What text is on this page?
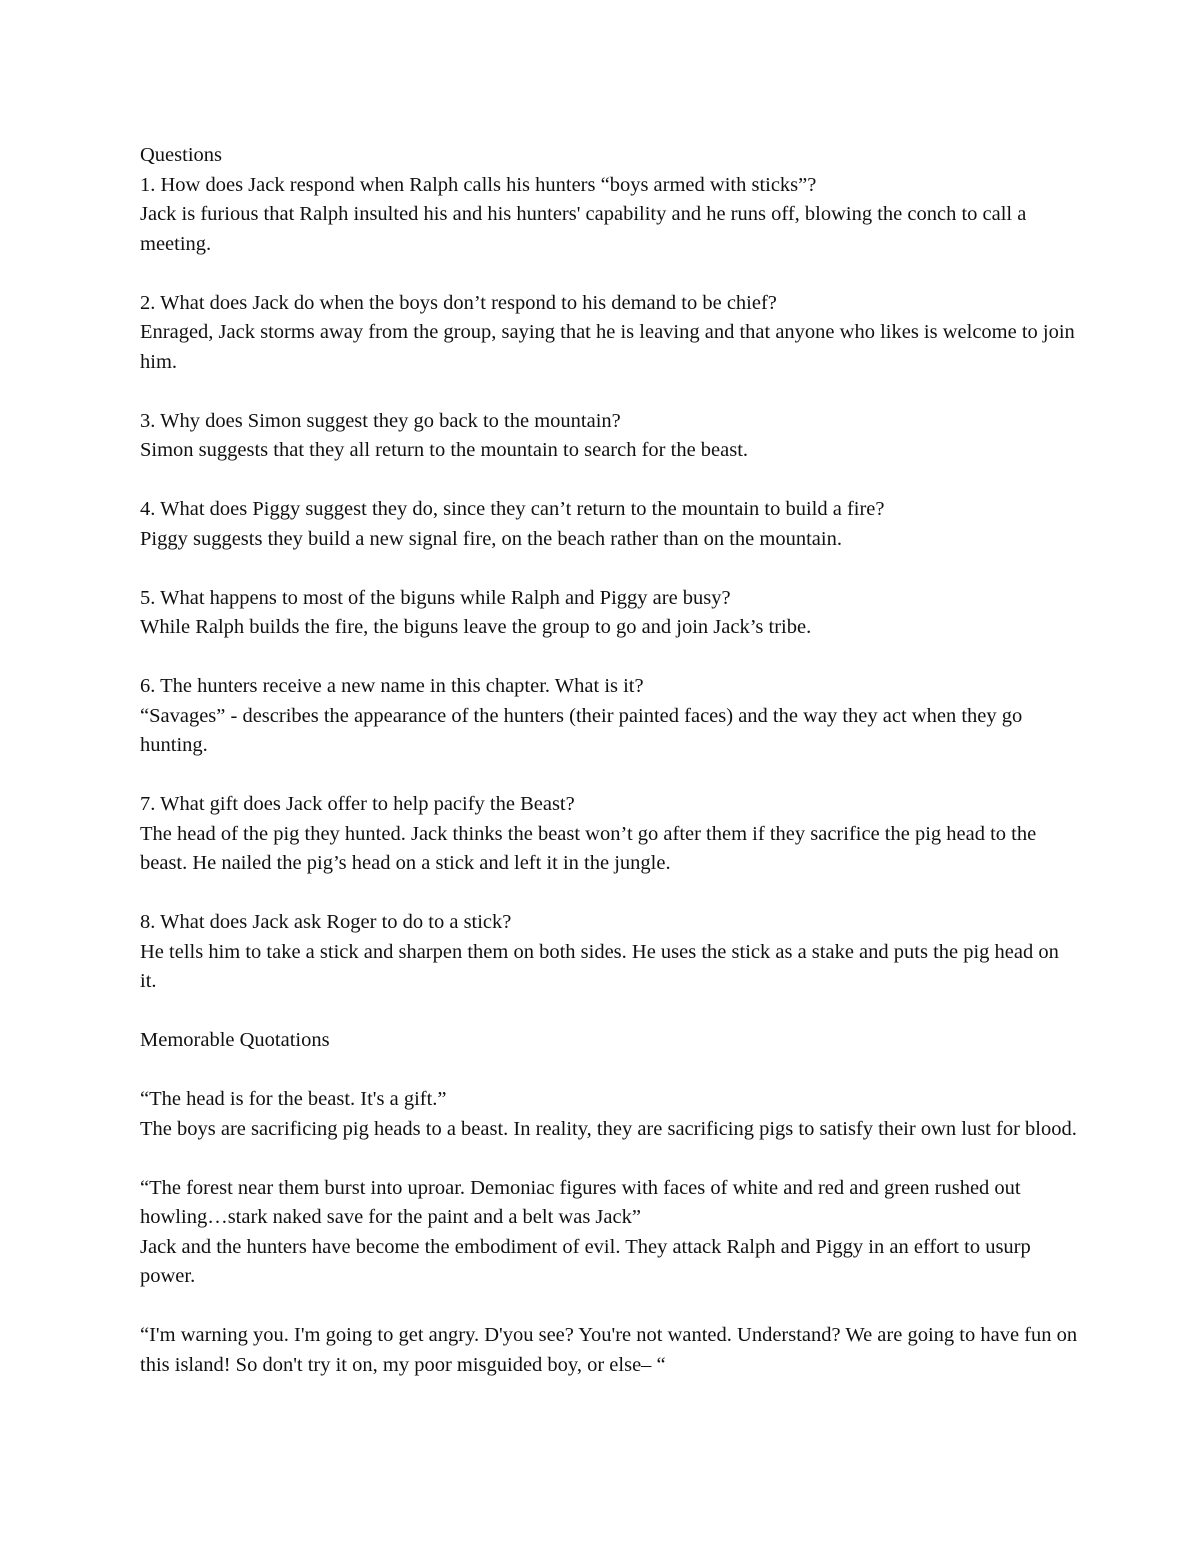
Questions

1. How does Jack respond when Ralph calls his hunters “boys armed with sticks”?

Jack is furious that Ralph insulted his and his hunters' capability and he runs off, blowing the conch to call a meeting.

2. What does Jack do when the boys don’t respond to his demand to be chief?

Enraged, Jack storms away from the group, saying that he is leaving and that anyone who likes is welcome to join him.

3. Why does Simon suggest they go back to the mountain?

Simon suggests that they all return to the mountain to search for the beast.

4. What does Piggy suggest they do, since they can’t return to the mountain to build a fire?

Piggy suggests they build a new signal fire, on the beach rather than on the mountain.

5. What happens to most of the biguns while Ralph and Piggy are busy?

While Ralph builds the fire, the biguns leave the group to go and join Jack’s tribe.

6. The hunters receive a new name in this chapter. What is it?

“Savages” - describes the appearance of the hunters (their painted faces) and the way they act when they go hunting.

7. What gift does Jack offer to help pacify the Beast?

The head of the pig they hunted. Jack thinks the beast won’t go after them if they sacrifice the pig head to the beast. He nailed the pig’s head on a stick and left it in the jungle.

8. What does Jack ask Roger to do to a stick?

He tells him to take a stick and sharpen them on both sides. He uses the stick as a stake and puts the pig head on it.

Memorable Quotations

“The head is for the beast. It's a gift.”

The boys are sacrificing pig heads to a beast. In reality, they are sacrificing pigs to satisfy their own lust for blood.

“The forest near them burst into uproar. Demoniac figures with faces of white and red and green rushed out howling…stark naked save for the paint and a belt was Jack”

Jack and the hunters have become the embodiment of evil. They attack Ralph and Piggy in an effort to usurp power.

“I'm warning you. I'm going to get angry. D'you see? You're not wanted. Understand? We are going to have fun on this island! So don't try it on, my poor misguided boy, or else– “
